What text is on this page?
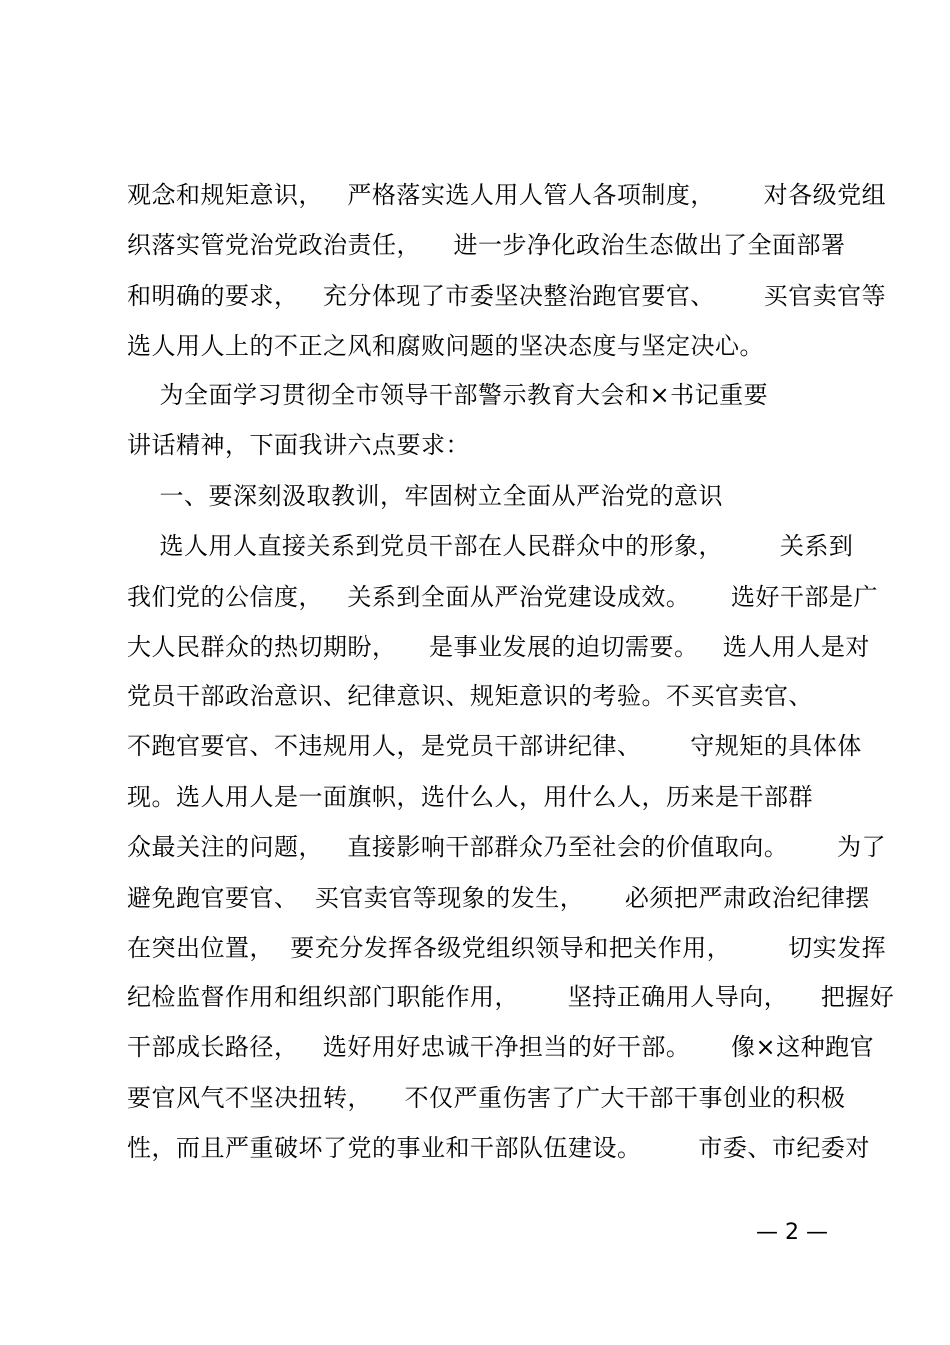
观念和规矩意识，   严格落实选人用人管人各项制度，      对各级党组
织落实管党治党政治责任，    进一步净化政治生态做出了全面部署
和明确的要求，   充分体现了市委坚决整治跑官要官、      买官卖官等
选人用人上的不正之风和腐败问题的坚决态度与坚定决心。
为全面学习贯彻全市领导干部警示教育大会和×书记重要
讲话精神，下面我讲六点要求：
一、要深刻汲取教训，牢固树立全面从严治党的意识
选人用人直接关系到党员干部在人民群众中的形象，       关系到
我们党的公信度，   关系到全面从严治党建设成效。     选好干部是广
大人民群众的热切期盼，    是事业发展的迫切需要。   选人用人是对
党员干部政治意识、纪律意识、规矩意识的考验。不买官卖官、
不跑官要官、不违规用人，是党员干部讲纪律、      守规矩的具体体
现。选人用人是一面旗帜，选什么人，用什么人，历来是干部群
众最关注的问题，   直接影响干部群众乃至社会的价值取向。      为了
避免跑官要官、  买官卖官等现象的发生，     必须把严肃政治纪律摆
在突出位置，  要充分发挥各级党组织领导和把关作用，       切实发挥
纪检监督作用和组织部门职能作用，      坚持正确用人导向，    把握好
干部成长路径，   选好用好忠诚干净担当的好干部。     像×这种跑官
要官风气不坚决扭转，    不仅严重伤害了广大干部干事创业的积极
性，而且严重破坏了党的事业和干部队伍建设。       市委、市纪委对
— 2 —
